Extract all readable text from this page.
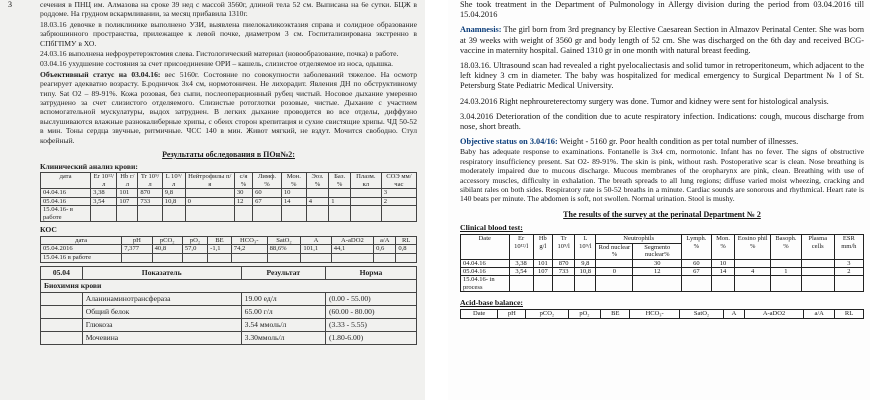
3	сечения в ПНЦ им. Алмазова на сроке 39 нед с массой 3560г, длиной тела 52 см. Выписана на 6е сутки. БЦЖ в роддоме. На грудном вскармливании, за месяц прибавила 1310г.

18.03.16 девочке в поликлинике выполнено УЗИ, выявлена пиелокаликоэктазия справа и солидное образование забрюшинного пространства, прилежащее к левой почке, диаметром 3 см. Госпитализирована экстренно в СПбГПМУ в ХО.

24.03.16 выполнена нефроуретерэктомия слева. Гистологический материал (новообразование, почка) в работе.

03.04.16 ухудшение состояния за счет присоединение ОРИ – кашель, слизистое отделяемое из носа, одышка.

Объективный статус на 03.04.16: вес 5160г. Состояние по совокупности заболеваний тяжелое. На осмотр реагирует адекватно возрасту. Б.родничок 3х4 см, нормотоничен. Не лихорадит. Явления ДН по обструктивному типу. Sat O2 – 89-91%. Кожа розовая, без сыпи, послеоперационный рубец чистый. Носовое дыхание умеренно затруднено за счет слизистого отделяемого. Слизистые ротоглотки розовые, чистые. Дыхание с участием вспомогательной мускулатуры, выдох затруднен. В легких дыхание проводится во все отделы, диффузно выслушиваются влажные разнокалиберные хрипы, с обеих сторон крепитация и сухие свистящие хрипы. ЧД 50-52 в мин. Тоны сердца звучные, ритмичные. ЧСС 140 в мин. Живот мягкий, не вздут. Мочится свободно. Стул кофейный.

Результаты обследования в ПОн№2:
Клинический анализ крови:
дата	Er 10¹²/л	Hb г/л	Tr 10⁹/л	L 10⁹/л	Нейтрофилы п/я	с/я %	Лимф. %	Мон. %	Эоз. %	Баз. %	Плазм. кл	СОЭ мм/час
04.04.16	3,38	101	870	9,8		30	60	10				3
05.04.16	3,54	107	733	10,8	0	12	67	14	4	1		2
15.04.16- в работе												
КОС
дата	pH	pCO₂	pO₂	BE	HCO₃-	SatO₂	A	A-aDO2	a/A	RL
05.04.2016	7,377	40,8	57,0	-1,1	74,2	88,6%	101,1	44,1	0,6	0,8
15.04.16 в работе										
05.04	Показатель	Результат	Норма
Биохимия крови			
	Аланинаминотрансфераза	19.00 ед/л	(0.00 - 55.00)
	Общий белок	65.00 г/л	(60.00 - 80.00)
	Глюкоза	3.54 ммоль/л	(3.33 - 5.55)
	Мочевина	3.30ммоль/л	(1.80-6.00)

She took treatment in the Department of Pulmonology in Allergy division during the period from 03.04.2016 till 15.04.2016

Anamnesis: The girl born from 3rd pregnancy by Elective Caesarean Section in Almazov Perinatal Center. She was born at 39 weeks with weight of 3560 gr and body length of 52 cm. She was discharged on the 6th day and received BCG- vaccine in maternity hospital. Gained 1310 gr in one month with natural breast feeding.

18.03.16. Ultrasound scan had revealed a right pyelocaliectasis and solid tumor in retroperitoneum, which adjacent to the left kidney 3 cm in diameter. The baby was hospitalized for medical emergency to Surgical Department № l of St. Petersburg State Pediatric Medical University.

24.03.2016 Right nephroureterectomy surgery was done. Tumor and kidney were sent for histological analysis.

3.04.2016 Deterioration of the condition due to acute respiratory infection. Indications: cough, mucous discharge from nose, short breath.

Objective status on 3.04/16: Weight - 5160 gr. Poor health condition as per total number of illnesses.

Baby has adequate response to examinations. Fontanelle is 3x4 cm, normotonic. Infant has no fever. The signs of obstructive respiratory insufficiency present. Sat O2- 89-91%. The skin is pink, without rash. Postoperative scar is clean. Nose breathing is moderately impaired due to mucous discharge. Mucous membranes of the oropharynx are pink, clean. Breathing with use of accessory muscles, difficulty in exhalation. The breath spreads to all lung regions; diffuse varied moist wheezing, cracking and sibilant rales on both sides. Respiratory rate is 50-52 breaths in a minute. Cardiac sounds are sonorous and rhythmical. Heart rate is 140 beats per minute. The abdomen is soft, not swollen. Normal urination. Stool is mushy.

The results of the survey at the perinatal Department № 2
Clinical blood test:
Date	Er 10¹²/l	Hb g/l	Tr 10⁹/l	L 10⁹/l	Neutrophils		Lymph. %	Mon. %	Eosino phil %	Basoph. %	Plasma cells	ESR mm/h
					Rod nuclear %	Segmento nuclear%						
04.04.16	3,38	101	870	9,8		30	60	10				3
05.04.16	3,54	107	733	10,8	0	12	67	14	4	1		2
15.04.16- in process												
Acid-base balance:
Date	pH	pCO₂	pO₂	BE	HCO₃-	SatO₂	A	A-aDO2	a/A	RL
